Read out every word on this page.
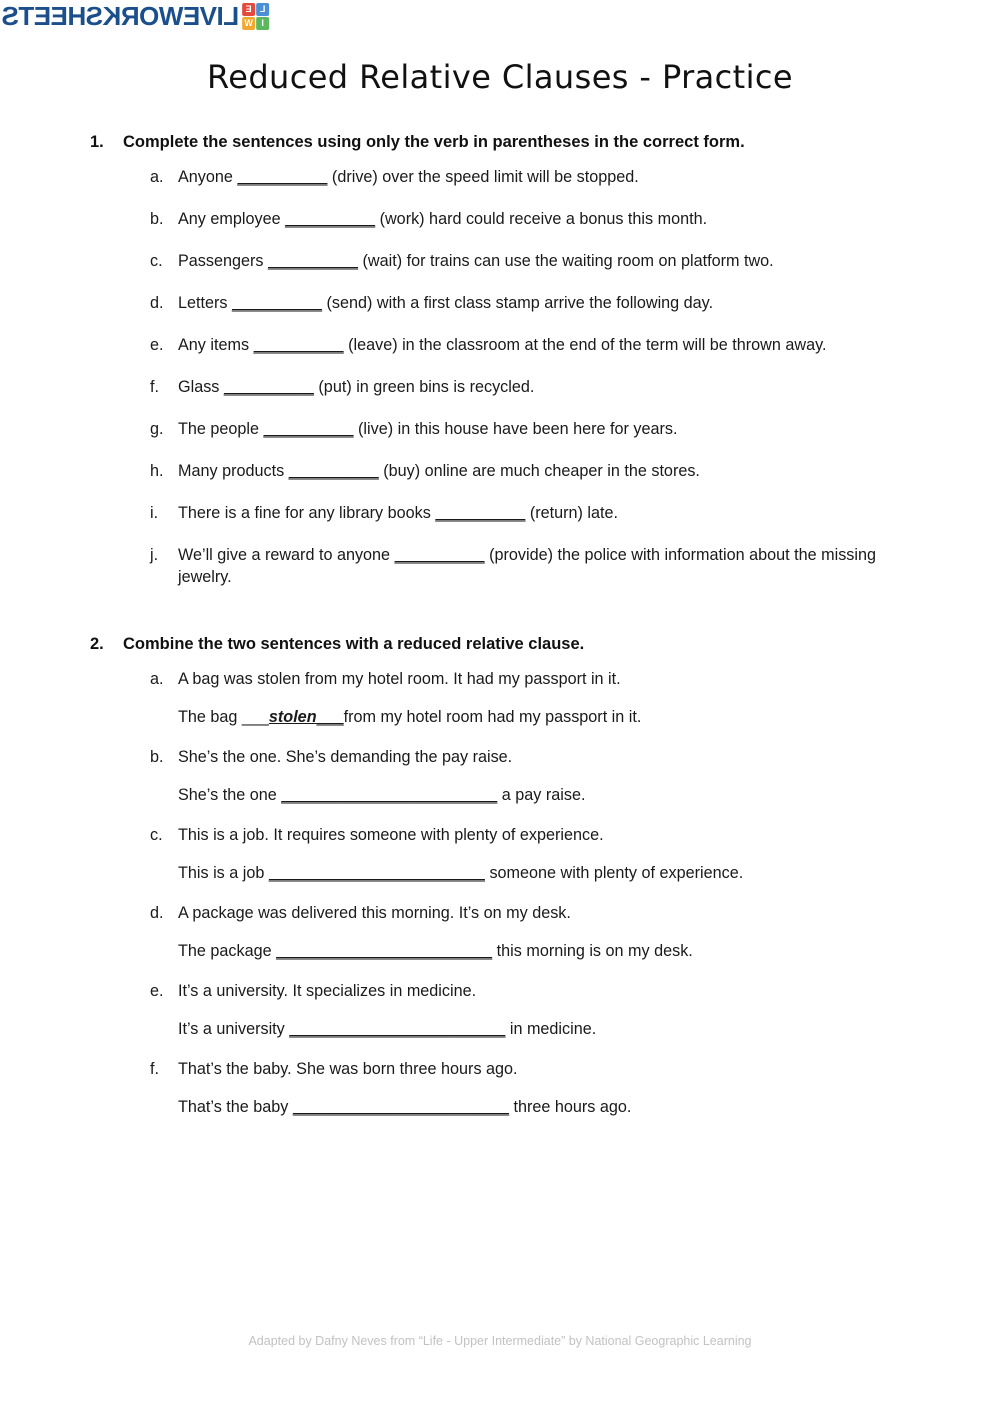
L
E
I
W
LIVEWORKSHEETS
Reduced Relative Clauses - Practice
1.	Complete the sentences using only the verb in parentheses in the correct form.
a. Anyone __________ (drive) over the speed limit will be stopped.
b. Any employee __________ (work) hard could receive a bonus this month.
c. Passengers __________ (wait) for trains can use the waiting room on platform two.
d. Letters __________ (send) with a first class stamp arrive the following day.
e. Any items __________ (leave) in the classroom at the end of the term will be thrown away.
f.	Glass __________ (put) in green bins is recycled.
g. The people __________ (live) in this house have been here for years.
h. Many products __________ (buy) online are much cheaper in the stores.
i.	There is a fine for any library books __________ (return) late.
j.	We’ll give a reward to anyone __________ (provide) the police with information about the missing jewelry.
2.	Combine the two sentences with a reduced relative clause.
a. A bag was stolen from my hotel room. It had my passport in it.
The bag ___stolen___from my hotel room had my passport in it.
b. She’s the one. She’s demanding the pay raise.
She’s the one ________________________ a pay raise.
c. This is a job. It requires someone with plenty of experience.
This is a job ________________________ someone with plenty of experience.
d. A package was delivered this morning. It’s on my desk.
The package ________________________ this morning is on my desk.
e. It’s a university. It specializes in medicine.
It’s a university ________________________ in medicine.
f.	That’s the baby. She was born three hours ago.
That’s the baby ________________________ three hours ago.
Adapted by Dafny Neves from “Life - Upper Intermediate” by National Geographic Learning
